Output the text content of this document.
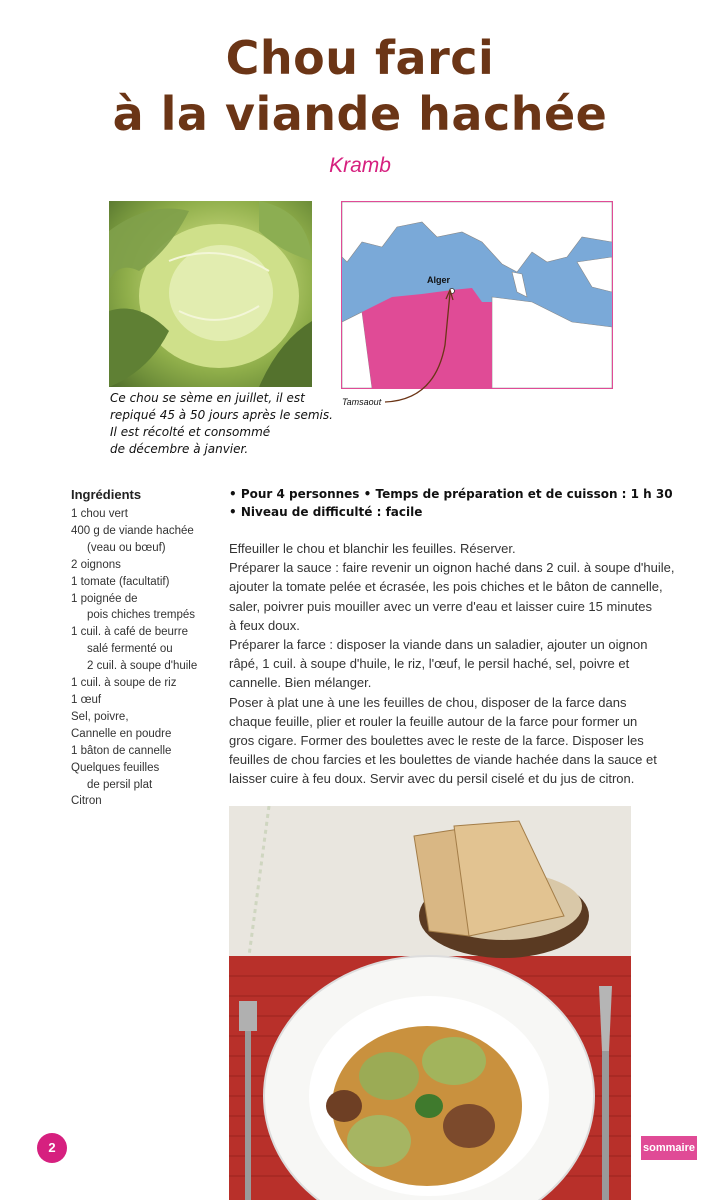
Chou farci
à la viande hachée
Kramb
Ce chou se sème en juillet, il est
repiqué 45 à 50 jours après le semis.
Il est récolté et consommé
de décembre à janvier.
Alger
Tamsaout
Ingrédients
1 chou vert
400 g de viande hachée
(veau ou bœuf)
2 oignons
1 tomate (facultatif)
1 poignée de
pois chiches trempés
1 cuil. à café de beurre
salé fermenté ou
2 cuil. à soupe d'huile
1 cuil. à soupe de riz
1 œuf
Sel, poivre,
Cannelle en poudre
1 bâton de cannelle
Quelques feuilles
de persil plat
Citron
• Pour 4 personnes • Temps de préparation et de cuisson : 1 h 30
• Niveau de difficulté : facile
Effeuiller le chou et blanchir les feuilles. Réserver.
Préparer la sauce : faire revenir un oignon haché dans 2 cuil. à soupe d'huile,
ajouter la tomate pelée et écrasée, les pois chiches et le bâton de cannelle,
saler, poivrer puis mouiller avec un verre d'eau et laisser cuire 15 minutes
à feux doux.
Préparer la farce : disposer la viande dans un saladier, ajouter un oignon
râpé, 1 cuil. à soupe d'huile, le riz, l'œuf, le persil haché, sel, poivre et
cannelle. Bien mélanger.
Poser à plat une à une les feuilles de chou, disposer de la farce dans
chaque feuille, plier et rouler la feuille autour de la farce pour former un
gros cigare. Former des boulettes avec le reste de la farce. Disposer les
feuilles de chou farcies et les boulettes de viande hachée dans la sauce et
laisser cuire à feu doux. Servir avec du persil ciselé et du jus de citron.
2	sommaire
